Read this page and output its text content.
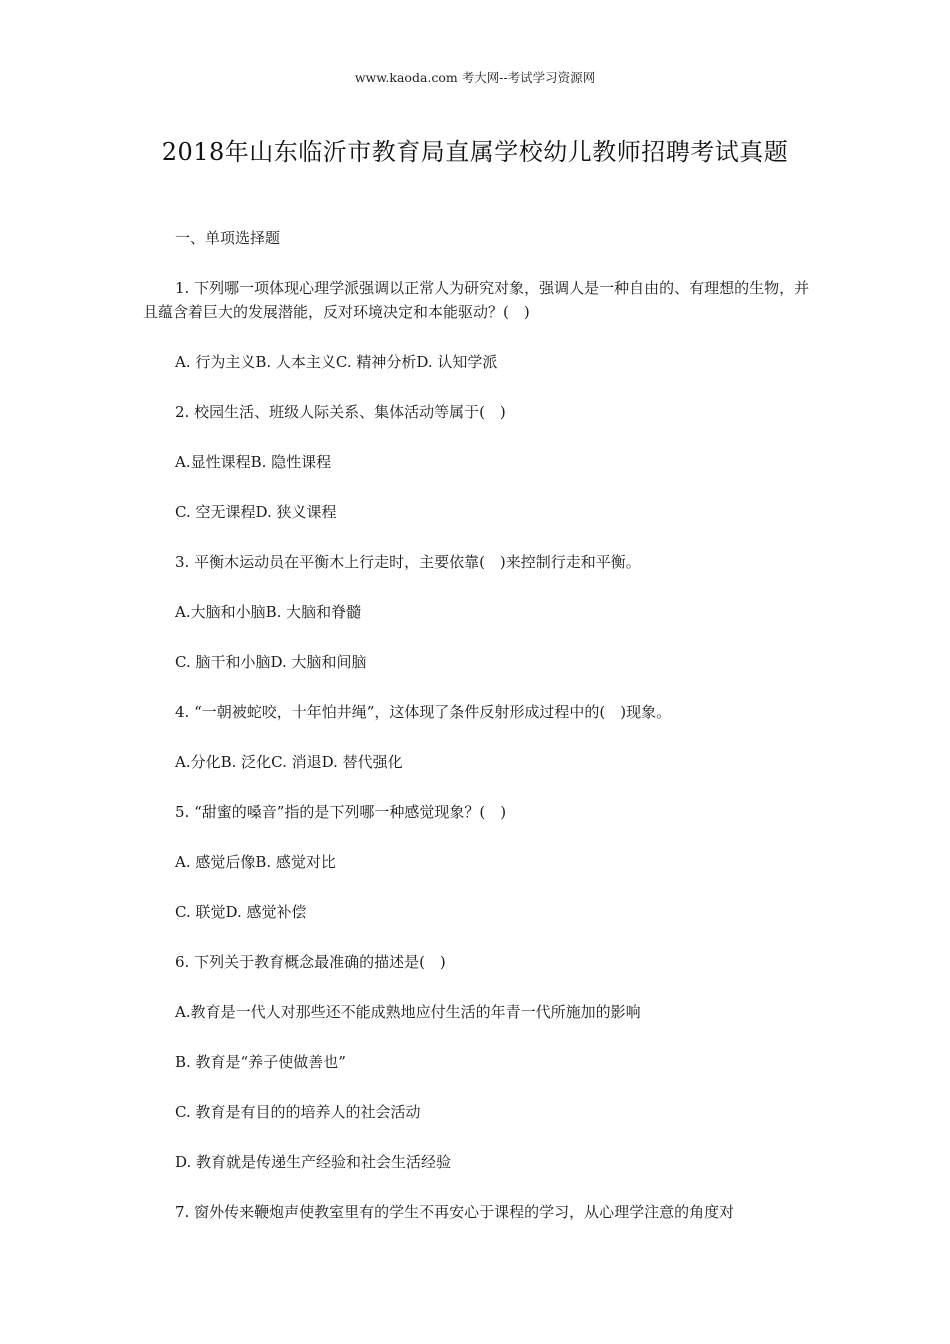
www.kaoda.com 考大网--考试学习资源网
2018年山东临沂市教育局直属学校幼儿教师招聘考试真题

一、单项选择题

1. 下列哪一项体现心理学派强调以正常人为研究对象，强调人是一种自由的、有理想的生物，并且蕴含着巨大的发展潜能，反对环境决定和本能驱动？(　)

A. 行为主义B. 人本主义C. 精神分析D. 认知学派

2. 校园生活、班级人际关系、集体活动等属于(　)

A.显性课程B. 隐性课程

C. 空无课程D. 狭义课程

3. 平衡木运动员在平衡木上行走时，主要依靠(　)来控制行走和平衡。

A.大脑和小脑B. 大脑和脊髓

C. 脑干和小脑D. 大脑和间脑

4. “一朝被蛇咬，十年怕井绳”，这体现了条件反射形成过程中的(　)现象。

A.分化B. 泛化C. 消退D. 替代强化

5. “甜蜜的嗓音”指的是下列哪一种感觉现象？(　)

A. 感觉后像B. 感觉对比

C. 联觉D. 感觉补偿

6. 下列关于教育概念最准确的描述是(　)

A.教育是一代人对那些还不能成熟地应付生活的年青一代所施加的影响

B. 教育是“养子使做善也”

C. 教育是有目的的培养人的社会活动

D. 教育就是传递生产经验和社会生活经验

7. 窗外传来鞭炮声使教室里有的学生不再安心于课程的学习，从心理学注意的角度对
